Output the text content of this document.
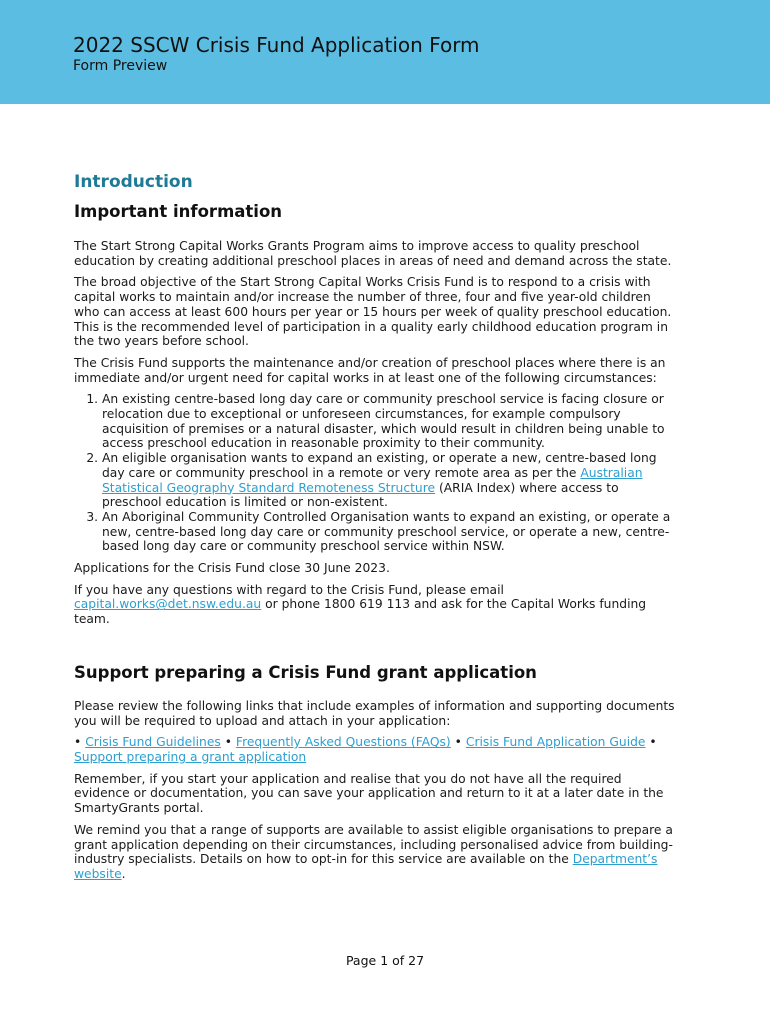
2022 SSCW Crisis Fund Application Form
Form Preview
Introduction
Important information

The Start Strong Capital Works Grants Program aims to improve access to quality preschool education by creating additional preschool places in areas of need and demand across the state.

The broad objective of the Start Strong Capital Works Crisis Fund is to respond to a crisis with capital works to maintain and/or increase the number of three, four and five year-old children who can access at least 600 hours per year or 15 hours per week of quality preschool education. This is the recommended level of participation in a quality early childhood education program in the two years before school.

The Crisis Fund supports the maintenance and/or creation of preschool places where there is an immediate and/or urgent need for capital works in at least one of the following circumstances:

1. An existing centre-based long day care or community preschool service is facing closure or relocation due to exceptional or unforeseen circumstances, for example compulsory acquisition of premises or a natural disaster, which would result in children being unable to access preschool education in reasonable proximity to their community.
2. An eligible organisation wants to expand an existing, or operate a new, centre-based long day care or community preschool in a remote or very remote area as per the Australian Statistical Geography Standard Remoteness Structure (ARIA Index) where access to preschool education is limited or non-existent.
3. An Aboriginal Community Controlled Organisation wants to expand an existing, or operate a new, centre-based long day care or community preschool service, or operate a new, centre-based long day care or community preschool service within NSW.

Applications for the Crisis Fund close 30 June 2023.

If you have any questions with regard to the Crisis Fund, please email capital.works@det.nsw.edu.au or phone 1800 619 113 and ask for the Capital Works funding team.

Support preparing a Crisis Fund grant application

Please review the following links that include examples of information and supporting documents you will be required to upload and attach in your application:

• Crisis Fund Guidelines • Frequently Asked Questions (FAQs) • Crisis Fund Application Guide • Support preparing a grant application

Remember, if you start your application and realise that you do not have all the required evidence or documentation, you can save your application and return to it at a later date in the SmartyGrants portal.

We remind you that a range of supports are available to assist eligible organisations to prepare a grant application depending on their circumstances, including personalised advice from building-industry specialists. Details on how to opt-in for this service are available on the Department’s website.

Page 1 of 27
